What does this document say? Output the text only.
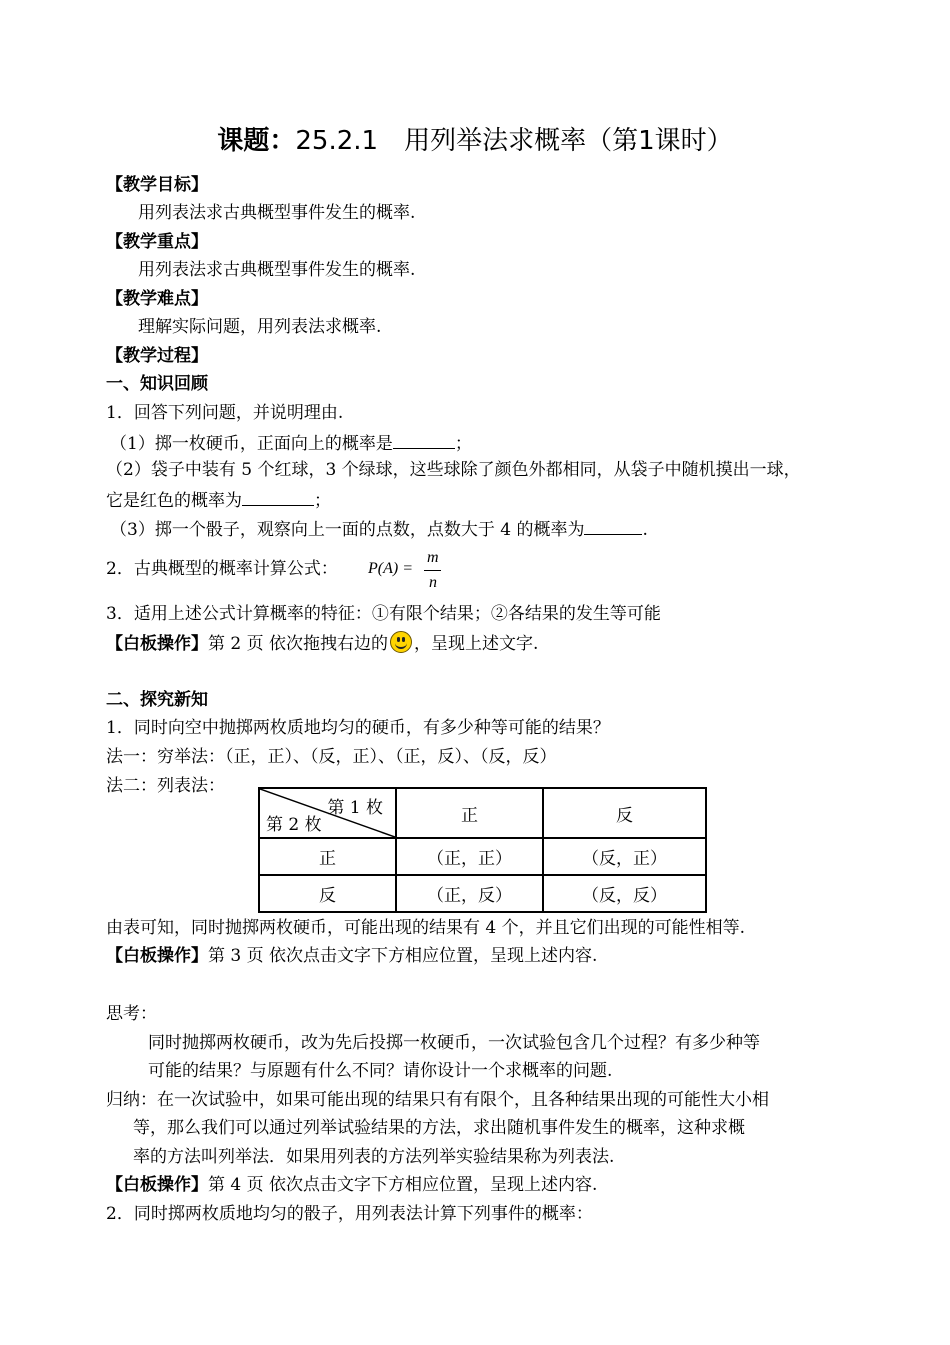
课题：25.2.1　 用列举法求概率（第1课时）
【教学目标】
用列表法求古典概型事件发生的概率.
【教学重点】
用列表法求古典概型事件发生的概率.
【教学难点】
理解实际问题，用列表法求概率.
【教学过程】
一、知识回顾
1．回答下列问题，并说明理由.
（1）掷一枚硬币，正面向上的概率是	；
（2）袋子中装有 5 个红球，3 个绿球，这些球除了颜色外都相同，从袋子中随机摸出一球，
它是红色的概率为	；
（3）掷一个骰子，观察向上一面的点数，点数大于 4 的概率为	.
2．古典概型的概率计算公式： P(A) =
m
n
3．适用上述公式计算概率的特征：①有限个结果；②各结果的发生等可能
【白板操作】第 2 页 依次拖拽右边的 ，呈现上述文字.
二、探究新知
1．同时向空中抛掷两枚质地均匀的硬币，有多少种等可能的结果？
法一：穷举法：（正，正）、（反，正）、（正，反）、（反，反）
法二：列表法：
第 1 枚
第 2 枚	正	反
正	（正，正）	（反，正）
反	（正，反）	（反，反）
由表可知，同时抛掷两枚硬币，可能出现的结果有 4 个，并且它们出现的可能性相等.
【白板操作】第 3 页 依次点击文字下方相应位置，呈现上述内容.
思考：
同时抛掷两枚硬币，改为先后投掷一枚硬币，一次试验包含几个过程？有多少种等
可能的结果？与原题有什么不同？请你设计一个求概率的问题.
归纳：在一次试验中，如果可能出现的结果只有有限个，且各种结果出现的可能性大小相
等，那么我们可以通过列举试验结果的方法，求出随机事件发生的概率，这种求概
率的方法叫列举法．如果用列表的方法列举实验结果称为列表法.
【白板操作】第 4 页 依次点击文字下方相应位置，呈现上述内容.
2．同时掷两枚质地均匀的骰子，用列表法计算下列事件的概率：
